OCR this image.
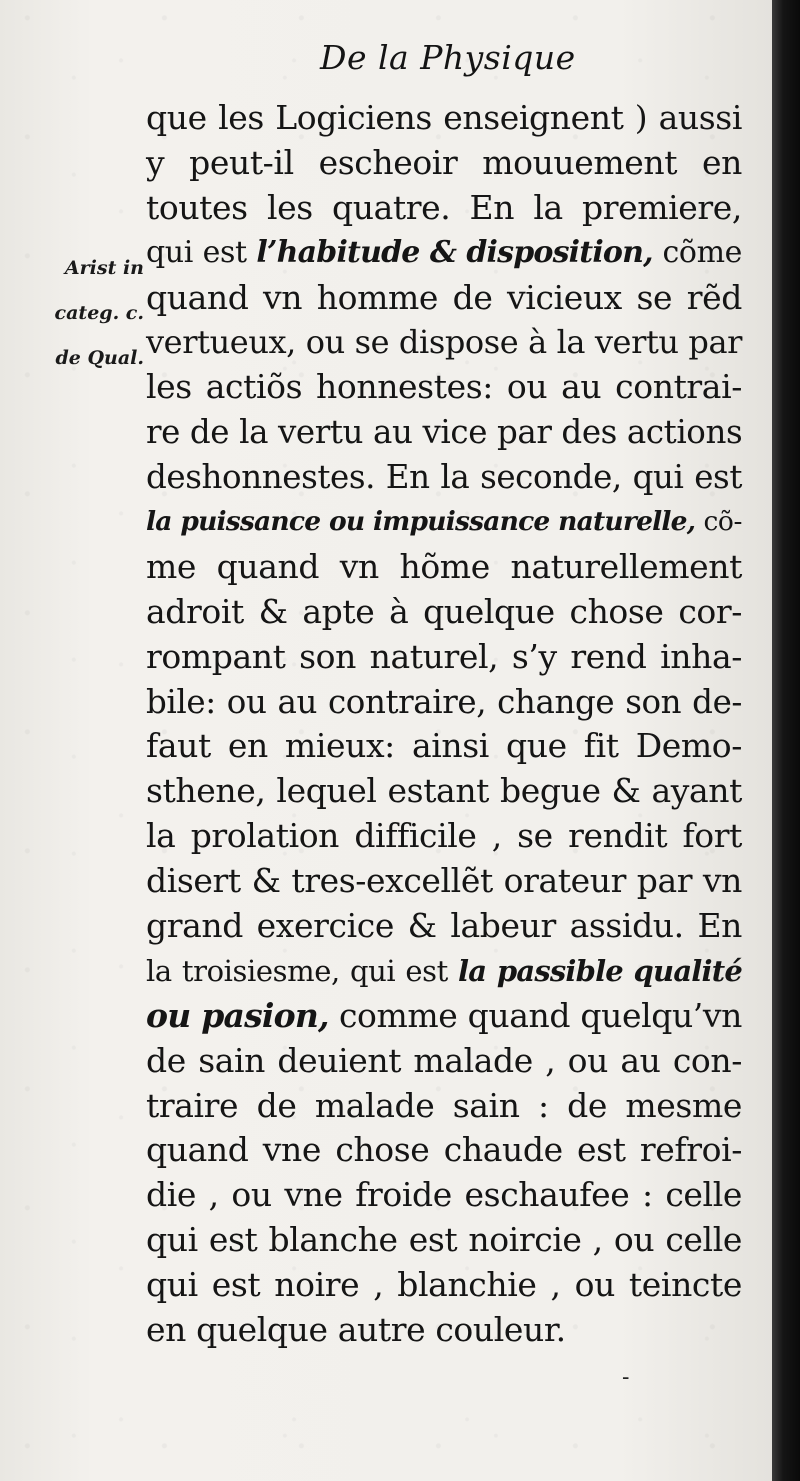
De la Physique
Arist in
categ. c.
de Qual.
que les Logiciens enseignent ) aussi
y peut-il escheoir mouuement en
toutes les quatre. En la premiere,
qui est l’habitude & disposition, cõme
quand vn homme de vicieux se rẽd
vertueux, ou se dispose à la vertu par
les actiõs honnestes: ou au contrai-
re de la vertu au vice par des actions
deshonnestes. En la seconde, qui est
la puissance ou impuissance naturelle, cõ-
me quand vn hõme naturellement
adroit & apte à quelque chose cor-
rompant son naturel, s’y rend inha-
bile: ou au contraire, change son de-
faut en mieux: ainsi que fit Demo-
sthene, lequel estant begue & ayant
la prolation difficile , se rendit fort
disert & tres-excellẽt orateur par vn
grand exercice & labeur assidu. En
la troisiesme, qui est la passible qualité
ou pasion, comme quand quelqu’vn
de sain deuient malade , ou au con-
traire de malade sain : de mesme
quand vne chose chaude est refroi-
die , ou vne froide eschaufee : celle
qui est blanche est noircie , ou celle
qui est noire , blanchie , ou teincte
en quelque autre couleur.
-
